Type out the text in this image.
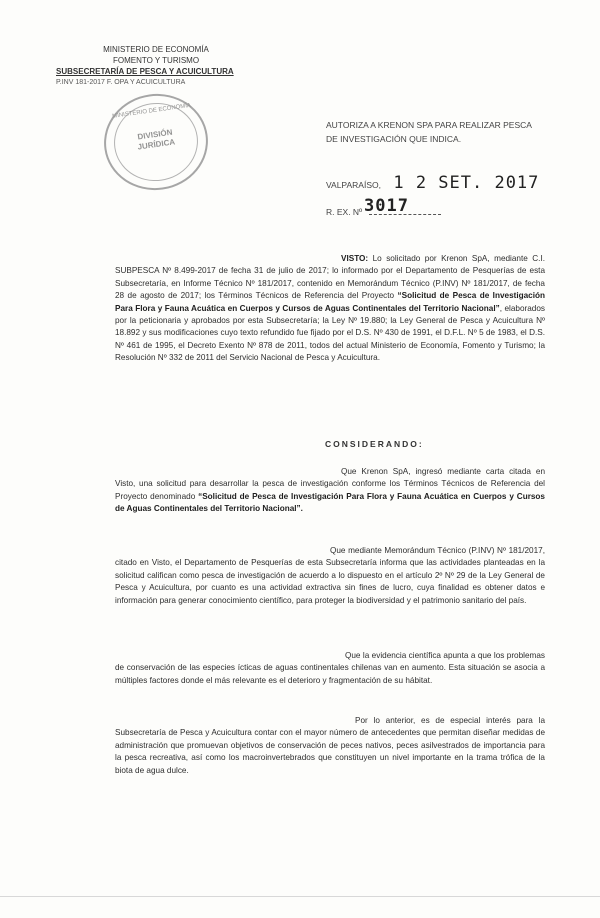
MINISTERIO DE ECONOMÍA
FOMENTO Y TURISMO
SUBSECRETARÍA DE PESCA Y ACUICULTURA
P.INV 181-2017 F. OPA Y ACUICULTURA
MINISTERIO DE ECONOMÍA
DIVISIÓN
JURÍDICA
AUTORIZA A KRENON SPA PARA REALIZAR PESCA DE INVESTIGACIÓN QUE INDICA.
VALPARAÍSO, 1 2 SET. 2017
R. EX. Nº 3017
VISTO: Lo solicitado por Krenon SpA, mediante C.I. SUBPESCA Nº 8.499-2017 de fecha 31 de julio de 2017; lo informado por el Departamento de Pesquerías de esta Subsecretaría, en Informe Técnico Nº 181/2017, contenido en Memorándum Técnico (P.INV) Nº 181/2017, de fecha 28 de agosto de 2017; los Términos Técnicos de Referencia del Proyecto “Solicitud de Pesca de Investigación Para Flora y Fauna Acuática en Cuerpos y Cursos de Aguas Continentales del Territorio Nacional”, elaborados por la peticionaria y aprobados por esta Subsecretaría; la Ley Nº 19.880; la Ley General de Pesca y Acuicultura Nº 18.892 y sus modificaciones cuyo texto refundido fue fijado por el D.S. Nº 430 de 1991, el D.F.L. Nº 5 de 1983, el D.S. Nº 461 de 1995, el Decreto Exento Nº 878 de 2011, todos del actual Ministerio de Economía, Fomento y Turismo; la Resolución Nº 332 de 2011 del Servicio Nacional de Pesca y Acuicultura.
CONSIDERANDO:
Que Krenon SpA, ingresó mediante carta citada en Visto, una solicitud para desarrollar la pesca de investigación conforme los Términos Técnicos de Referencia del Proyecto denominado “Solicitud de Pesca de Investigación Para Flora y Fauna Acuática en Cuerpos y Cursos de Aguas Continentales del Territorio Nacional”.
Que mediante Memorándum Técnico (P.INV) Nº 181/2017, citado en Visto, el Departamento de Pesquerías de esta Subsecretaría informa que las actividades planteadas en la solicitud califican como pesca de investigación de acuerdo a lo dispuesto en el artículo 2º Nº 29 de la Ley General de Pesca y Acuicultura, por cuanto es una actividad extractiva sin fines de lucro, cuya finalidad es obtener datos e información para generar conocimiento científico, para proteger la biodiversidad y el patrimonio sanitario del país.
Que la evidencia científica apunta a que los problemas de conservación de las especies ícticas de aguas continentales chilenas van en aumento. Esta situación se asocia a múltiples factores donde el más relevante es el deterioro y fragmentación de su hábitat.
Por lo anterior, es de especial interés para la Subsecretaría de Pesca y Acuicultura contar con el mayor número de antecedentes que permitan diseñar medidas de administración que promuevan objetivos de conservación de peces nativos, peces asilvestrados de importancia para la pesca recreativa, así como los macroinvertebrados que constituyen un nivel importante en la trama trófica de la biota de agua dulce.
